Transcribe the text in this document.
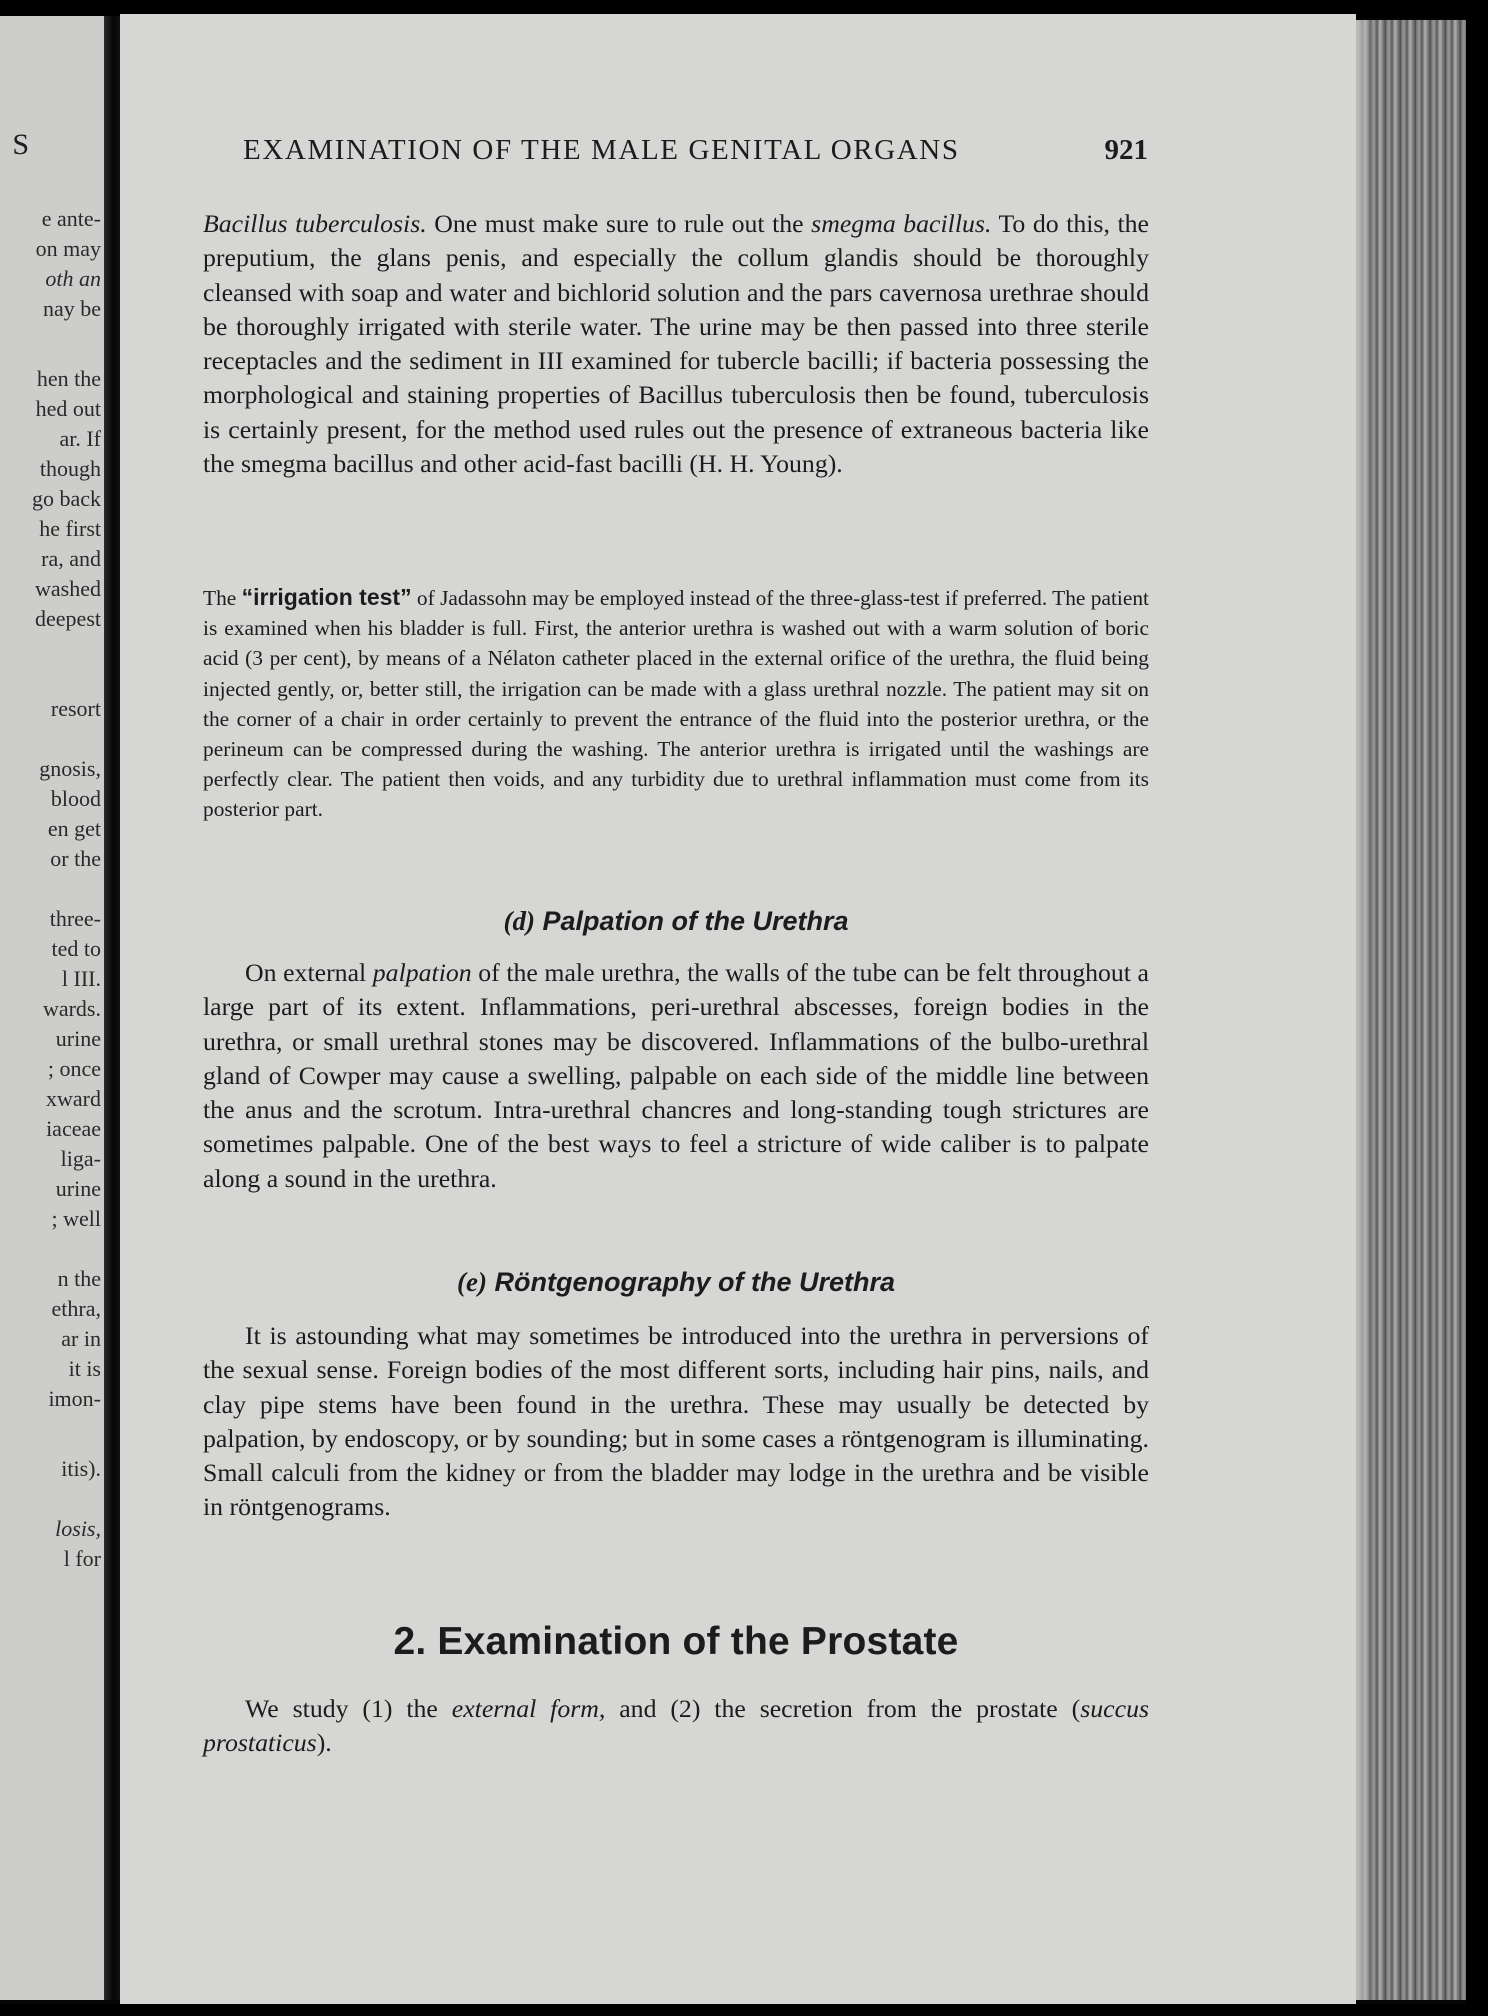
S
e ante-
on may
oth an
nay be
hen the
hed out
ar. If
though
go back
he first
ra, and
washed
deepest
resort
gnosis,
blood
en get
or the
three-
ted to
l III.
wards.
urine
; once
xward
iaceae
liga-
urine
; well
n the
ethra,
ar in
it is
imon-
itis).
losis,
l for
EXAMINATION OF THE MALE GENITAL ORGANS	921

Bacillus tuberculosis. One must make sure to rule out the smegma bacillus. To do this, the preputium, the glans penis, and especially the collum glandis should be thoroughly cleansed with soap and water and bichlorid solution and the pars cavernosa urethrae should be thoroughly irrigated with sterile water. The urine may be then passed into three sterile receptacles and the sediment in III examined for tubercle bacilli; if bacteria possessing the morphological and staining properties of Bacillus tuberculosis then be found, tuberculosis is certainly present, for the method used rules out the presence of extraneous bacteria like the smegma bacillus and other acid-fast bacilli (H. H. Young).

The “irrigation test” of Jadassohn may be employed instead of the three-glass-test if preferred. The patient is examined when his bladder is full. First, the anterior urethra is washed out with a warm solution of boric acid (3 per cent), by means of a Nélaton catheter placed in the external orifice of the urethra, the fluid being injected gently, or, better still, the irrigation can be made with a glass urethral nozzle. The patient may sit on the corner of a chair in order certainly to prevent the entrance of the fluid into the posterior urethra, or the perineum can be compressed during the washing. The anterior urethra is irrigated until the washings are perfectly clear. The patient then voids, and any turbidity due to urethral inflammation must come from its posterior part.

(d) Palpation of the Urethra

On external palpation of the male urethra, the walls of the tube can be felt throughout a large part of its extent. Inflammations, peri-urethral abscesses, foreign bodies in the urethra, or small urethral stones may be discovered. Inflammations of the bulbo-urethral gland of Cowper may cause a swelling, palpable on each side of the middle line between the anus and the scrotum. Intra-urethral chancres and long-standing tough strictures are sometimes palpable. One of the best ways to feel a stricture of wide caliber is to palpate along a sound in the urethra.

(e) Röntgenography of the Urethra

It is astounding what may sometimes be introduced into the urethra in perversions of the sexual sense. Foreign bodies of the most different sorts, including hair pins, nails, and clay pipe stems have been found in the urethra. These may usually be detected by palpation, by endoscopy, or by sounding; but in some cases a röntgenogram is illuminating. Small calculi from the kidney or from the bladder may lodge in the urethra and be visible in röntgenograms.

2. Examination of the Prostate

We study (1) the external form, and (2) the secretion from the prostate (succus prostaticus).
